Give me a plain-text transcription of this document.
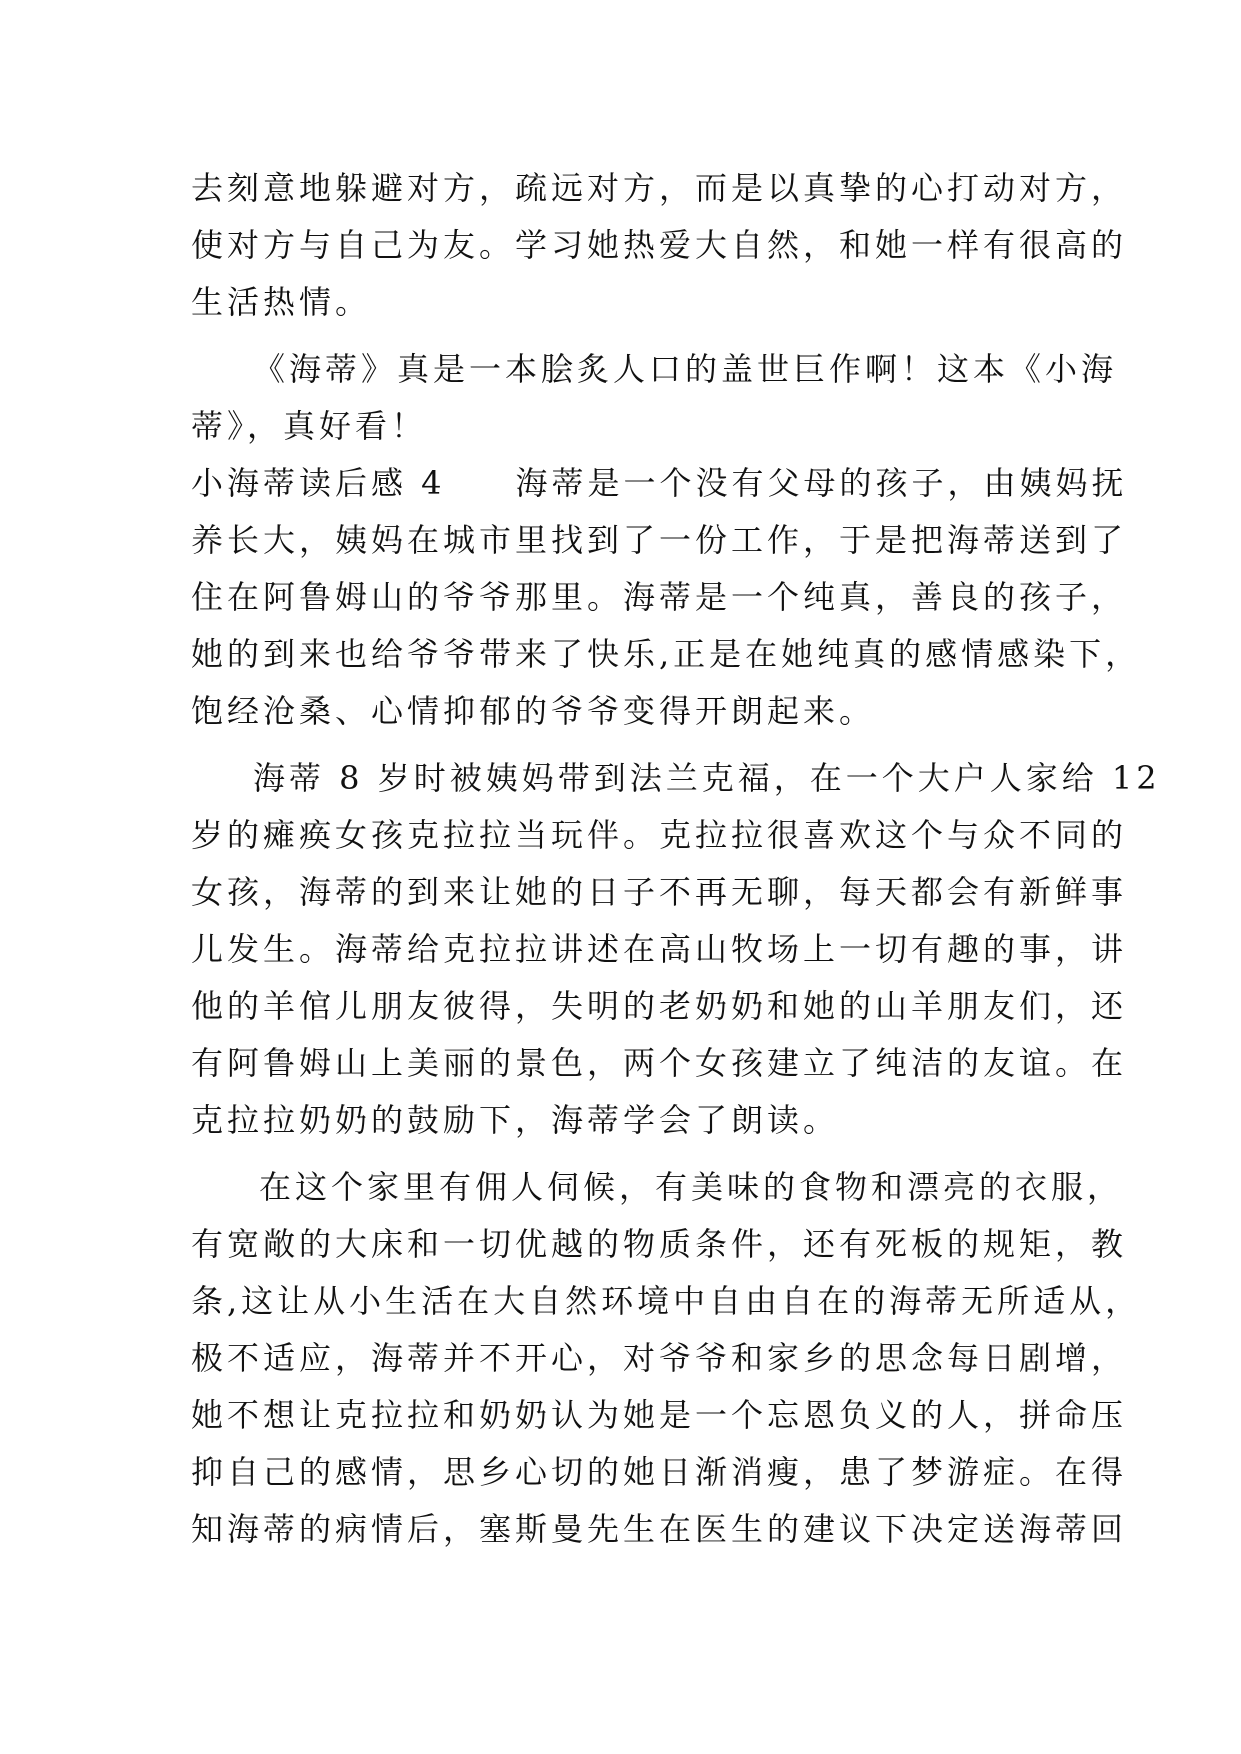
去刻意地躲避对方，疏远对方，而是以真挚的心打动对方，
使对方与自己为友。学习她热爱大自然，和她一样有很高的
生活热情。
《海蒂》真是一本脍炙人口的盖世巨作啊！这本《小海
蒂》，真好看！
小海蒂读后感 4 海蒂是一个没有父母的孩子，由姨妈抚
养长大，姨妈在城市里找到了一份工作，于是把海蒂送到了
住在阿鲁姆山的爷爷那里。海蒂是一个纯真，善良的孩子，
她的到来也给爷爷带来了快乐,正是在她纯真的感情感染下，
饱经沧桑、心情抑郁的爷爷变得开朗起来。
海蒂 8 岁时被姨妈带到法兰克福，在一个大户人家给 12
岁的瘫痪女孩克拉拉当玩伴。克拉拉很喜欢这个与众不同的
女孩，海蒂的到来让她的日子不再无聊，每天都会有新鲜事
儿发生。海蒂给克拉拉讲述在高山牧场上一切有趣的事，讲
他的羊倌儿朋友彼得，失明的老奶奶和她的山羊朋友们，还
有阿鲁姆山上美丽的景色，两个女孩建立了纯洁的友谊。在
克拉拉奶奶的鼓励下，海蒂学会了朗读。
在这个家里有佣人伺候，有美味的食物和漂亮的衣服，
有宽敞的大床和一切优越的物质条件，还有死板的规矩，教
条,这让从小生活在大自然环境中自由自在的海蒂无所适从，
极不适应，海蒂并不开心，对爷爷和家乡的思念每日剧增，
她不想让克拉拉和奶奶认为她是一个忘恩负义的人，拼命压
抑自己的感情，思乡心切的她日渐消瘦，患了梦游症。在得
知海蒂的病情后，塞斯曼先生在医生的建议下决定送海蒂回
